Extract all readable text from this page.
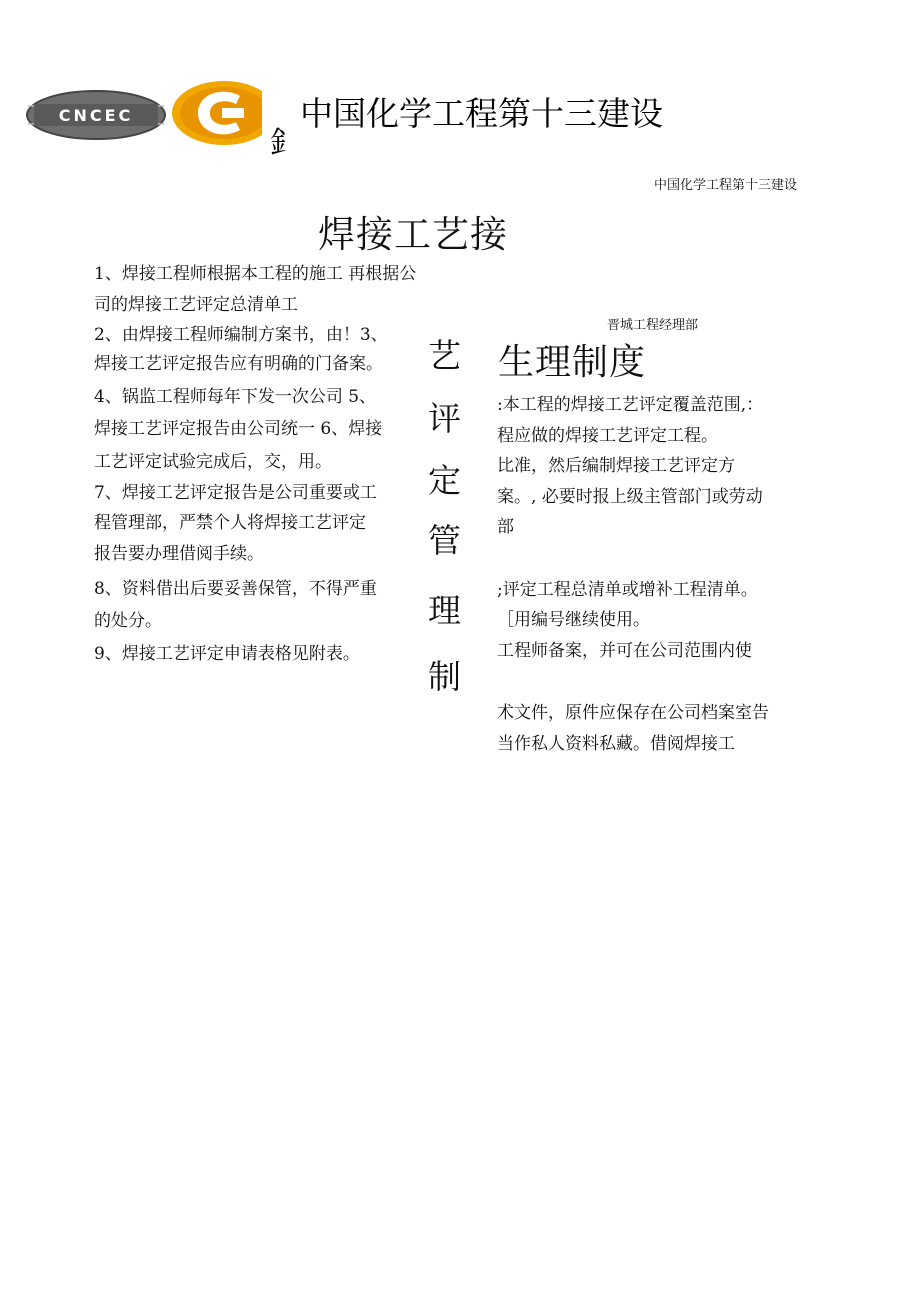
CNCEC
釒
中国化学工程第十三建设
中国化学工程第十三建设
焊接工艺接
晋城工程经理部
生理制度
艺
评
定
管
理
制
1、焊接工程师根据本工程的施工 再根据公
司的焊接工艺评定总清单工
2、由焊接工程师编制方案书，由！3、
焊接工艺评定报告应有明确的门备案。
4、锅监工程师每年下发一次公司 5、
焊接工艺评定报告由公司统一 6、焊接
工艺评定试验完成后，交，用。
7、焊接工艺评定报告是公司重要或工
程管理部，严禁个人将焊接工艺评定
报告要办理借阅手续。
8、资料借出后要妥善保管，不得严重
的处分。
9、焊接工艺评定申请表格见附表。
:本工程的焊接工艺评定覆盖范围,：
程应做的焊接工艺评定工程。
比准，然后编制焊接工艺评定方
案。, 必要时报上级主管部门或劳动
部
;评定工程总清单或增补工程清单。
［用编号继续使用。
工程师备案，并可在公司范围内使
术文件，原件应保存在公司档案室告
当作私人资料私藏。借阅焊接工
